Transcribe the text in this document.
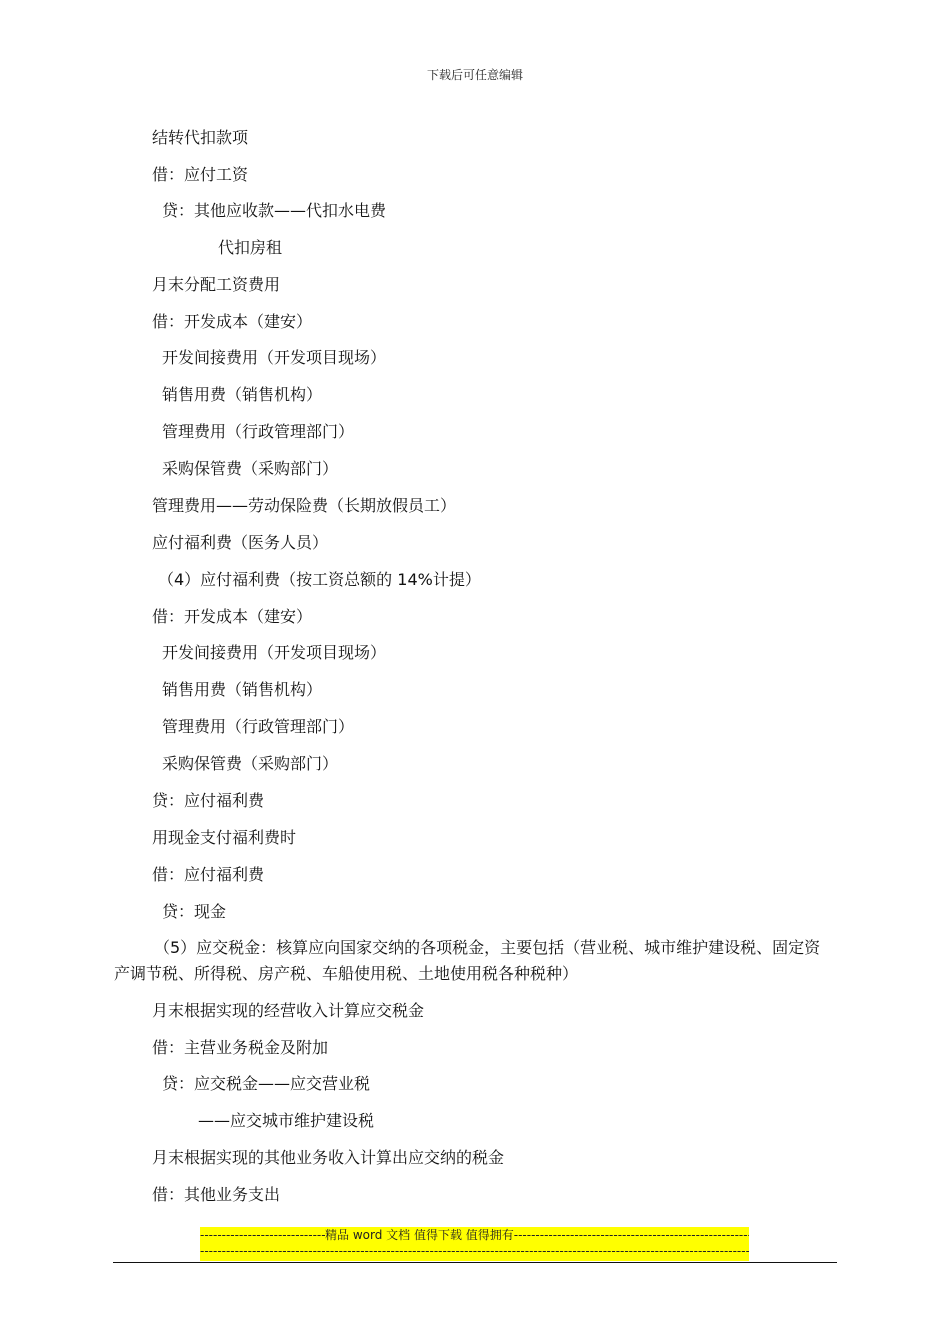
下载后可任意编辑
结转代扣款项
借：应付工资
贷：其他应收款——代扣水电费
代扣房租
月末分配工资费用
借：开发成本（建安）
开发间接费用（开发项目现场）
销售用费（销售机构）
管理费用（行政管理部门）
采购保管费（采购部门）
管理费用——劳动保险费（长期放假员工）
应付福利费（医务人员）
（4）应付福利费（按工资总额的 14%计提）
借：开发成本（建安）
开发间接费用（开发项目现场）
销售用费（销售机构）
管理费用（行政管理部门）
采购保管费（采购部门）
贷：应付福利费
用现金支付福利费时
借：应付福利费
贷：现金
（5）应交税金：核算应向国家交纳的各项税金，主要包括（营业税、城市维护建设税、固定资产调节税、所得税、房产税、车船使用税、土地使用税各种税种）
月末根据实现的经营收入计算应交税金
借：主营业务税金及附加
贷：应交税金——应交营业税
——应交城市维护建设税
月末根据实现的其他业务收入计算出应交纳的税金
借：其他业务支出
-----
精品 word 文档 值得下载 值得拥有
-----
-----
